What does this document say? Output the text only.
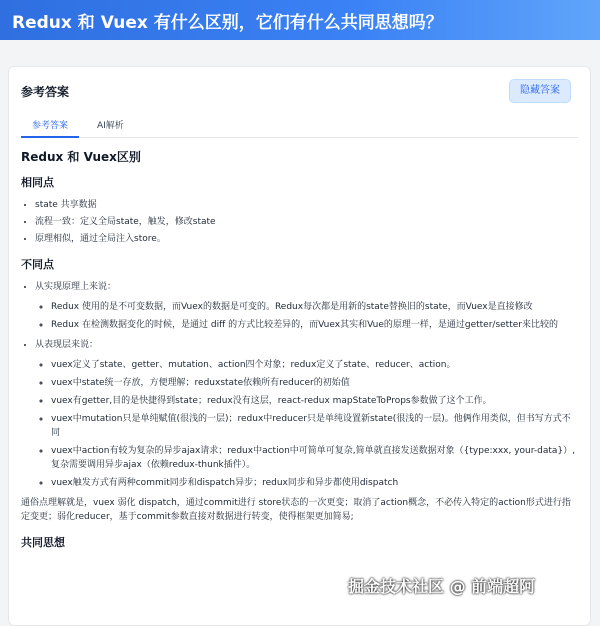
Redux 和 Vuex 有什么区别，它们有什么共同思想吗？
参考答案	隐藏答案
参考答案	AI解析
Redux 和 Vuex区别
相同点
• state 共享数据
• 流程一致：定义全局state，触发，修改state
• 原理相似，通过全局注入store。
不同点
• 从实现原理上来说：
◦ Redux 使用的是不可变数据，而Vuex的数据是可变的。Redux每次都是用新的state替换旧的state，而Vuex是直接修改
◦ Redux 在检测数据变化的时候，是通过 diff 的方式比较差异的，而Vuex其实和Vue的原理一样，是通过getter/setter来比较的
• 从表现层来说：
◦ vuex定义了state、getter、mutation、action四个对象；redux定义了state、reducer、action。
◦ vuex中state统一存放，方便理解；reduxstate依赖所有reducer的初始值
◦ vuex有getter,目的是快捷得到state；redux没有这层，react-redux mapStateToProps参数做了这个工作。
◦ vuex中mutation只是单纯赋值(很浅的一层)；redux中reducer只是单纯设置新state(很浅的一层)。他俩作用类似，但书写方式不同
◦ vuex中action有较为复杂的异步ajax请求；redux中action中可简单可复杂,简单就直接发送数据对象（{type:xxx, your-data}）,复杂需要调用异步ajax（依赖redux-thunk插件）。
◦ vuex触发方式有两种commit同步和dispatch异步；redux同步和异步都使用dispatch

通俗点理解就是，vuex 弱化 dispatch，通过commit进行 store状态的一次更变；取消了action概念，不必传入特定的action形式进行指定变更；弱化reducer，基于commit参数直接对数据进行转变，使得框架更加简易;

共同思想
掘金技术社区 @ 前端超阿
